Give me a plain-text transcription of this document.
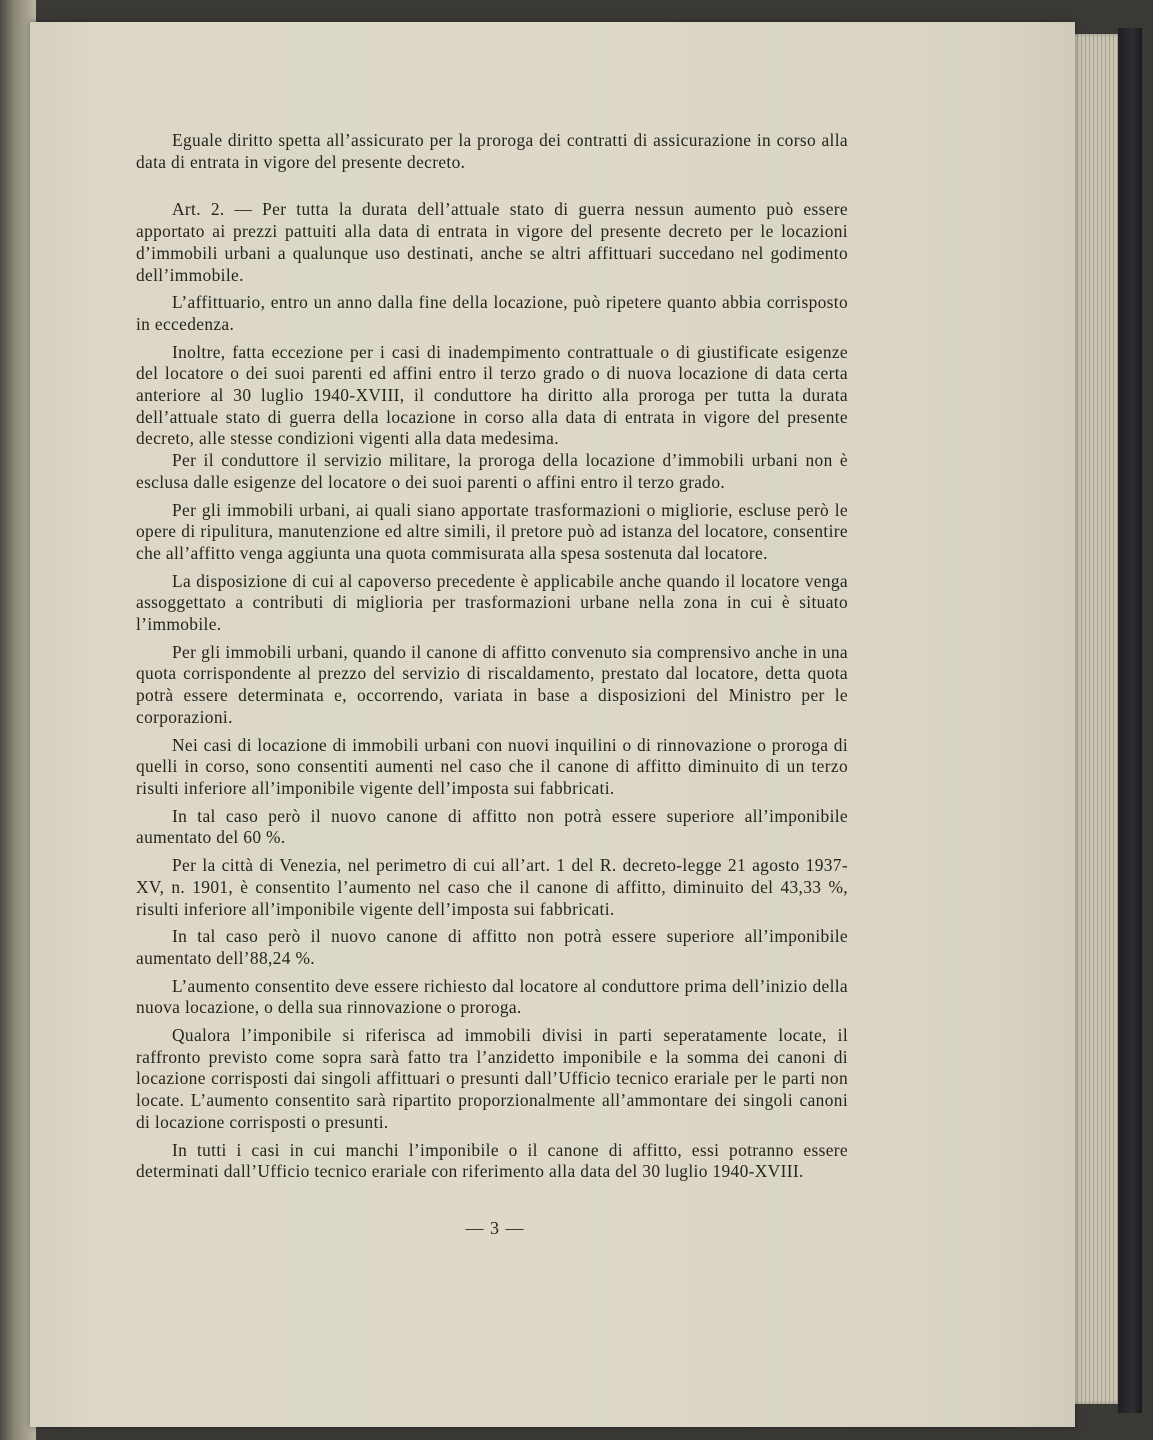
Eguale diritto spetta all’assicurato per la proroga dei contratti di assicurazione in corso alla data di entrata in vigore del presente decreto.

Art. 2. — Per tutta la durata dell’attuale stato di guerra nessun aumento può essere apportato ai prezzi pattuiti alla data di entrata in vigore del presente decreto per le locazioni d’immobili urbani a qualunque uso destinati, anche se altri affittuari succedano nel godimento dell’immobile.

L’affittuario, entro un anno dalla fine della locazione, può ripetere quanto abbia corrisposto in eccedenza.

Inoltre, fatta eccezione per i casi di inadempimento contrattuale o di giustificate esigenze del locatore o dei suoi parenti ed affini entro il terzo grado o di nuova locazione di data certa anteriore al 30 luglio 1940-XVIII, il conduttore ha diritto alla proroga per tutta la durata dell’attuale stato di guerra della locazione in corso alla data di entrata in vigore del presente decreto, alle stesse condizioni vigenti alla data medesima.

Per il conduttore il servizio militare, la proroga della locazione d’immobili urbani non è esclusa dalle esigenze del locatore o dei suoi parenti o affini entro il terzo grado.

Per gli immobili urbani, ai quali siano apportate trasformazioni o migliorie, escluse però le opere di ripulitura, manutenzione ed altre simili, il pretore può ad istanza del locatore, consentire che all’affitto venga aggiunta una quota commisurata alla spesa sostenuta dal locatore.

La disposizione di cui al capoverso precedente è applicabile anche quando il locatore venga assoggettato a contributi di miglioria per trasformazioni urbane nella zona in cui è situato l’immobile.

Per gli immobili urbani, quando il canone di affitto convenuto sia comprensivo anche in una quota corrispondente al prezzo del servizio di riscaldamento, prestato dal locatore, detta quota potrà essere determinata e, occorrendo, variata in base a disposizioni del Ministro per le corporazioni.

Nei casi di locazione di immobili urbani con nuovi inquilini o di rinnovazione o proroga di quelli in corso, sono consentiti aumenti nel caso che il canone di affitto diminuito di un terzo risulti inferiore all’imponibile vigente dell’imposta sui fabbricati.

In tal caso però il nuovo canone di affitto non potrà essere superiore all’imponibile aumentato del 60 %.

Per la città di Venezia, nel perimetro di cui all’art. 1 del R. decreto-legge 21 agosto 1937-XV, n. 1901, è consentito l’aumento nel caso che il canone di affitto, diminuito del 43,33 %, risulti inferiore all’imponibile vigente dell’imposta sui fabbricati.

In tal caso però il nuovo canone di affitto non potrà essere superiore all’imponibile aumentato dell’88,24 %.

L’aumento consentito deve essere richiesto dal locatore al conduttore prima dell’inizio della nuova locazione, o della sua rinnovazione o proroga.

Qualora l’imponibile si riferisca ad immobili divisi in parti seperatamente locate, il raffronto previsto come sopra sarà fatto tra l’anzidetto imponibile e la somma dei canoni di locazione corrisposti dai singoli affittuari o presunti dall’Ufficio tecnico erariale per le parti non locate. L’aumento consentito sarà ripartito proporzionalmente all’ammontare dei singoli canoni di locazione corrisposti o presunti.

In tutti i casi in cui manchi l’imponibile o il canone di affitto, essi potranno essere determinati dall’Ufficio tecnico erariale con riferimento alla data del 30 luglio 1940-XVIII.

— 3 —
